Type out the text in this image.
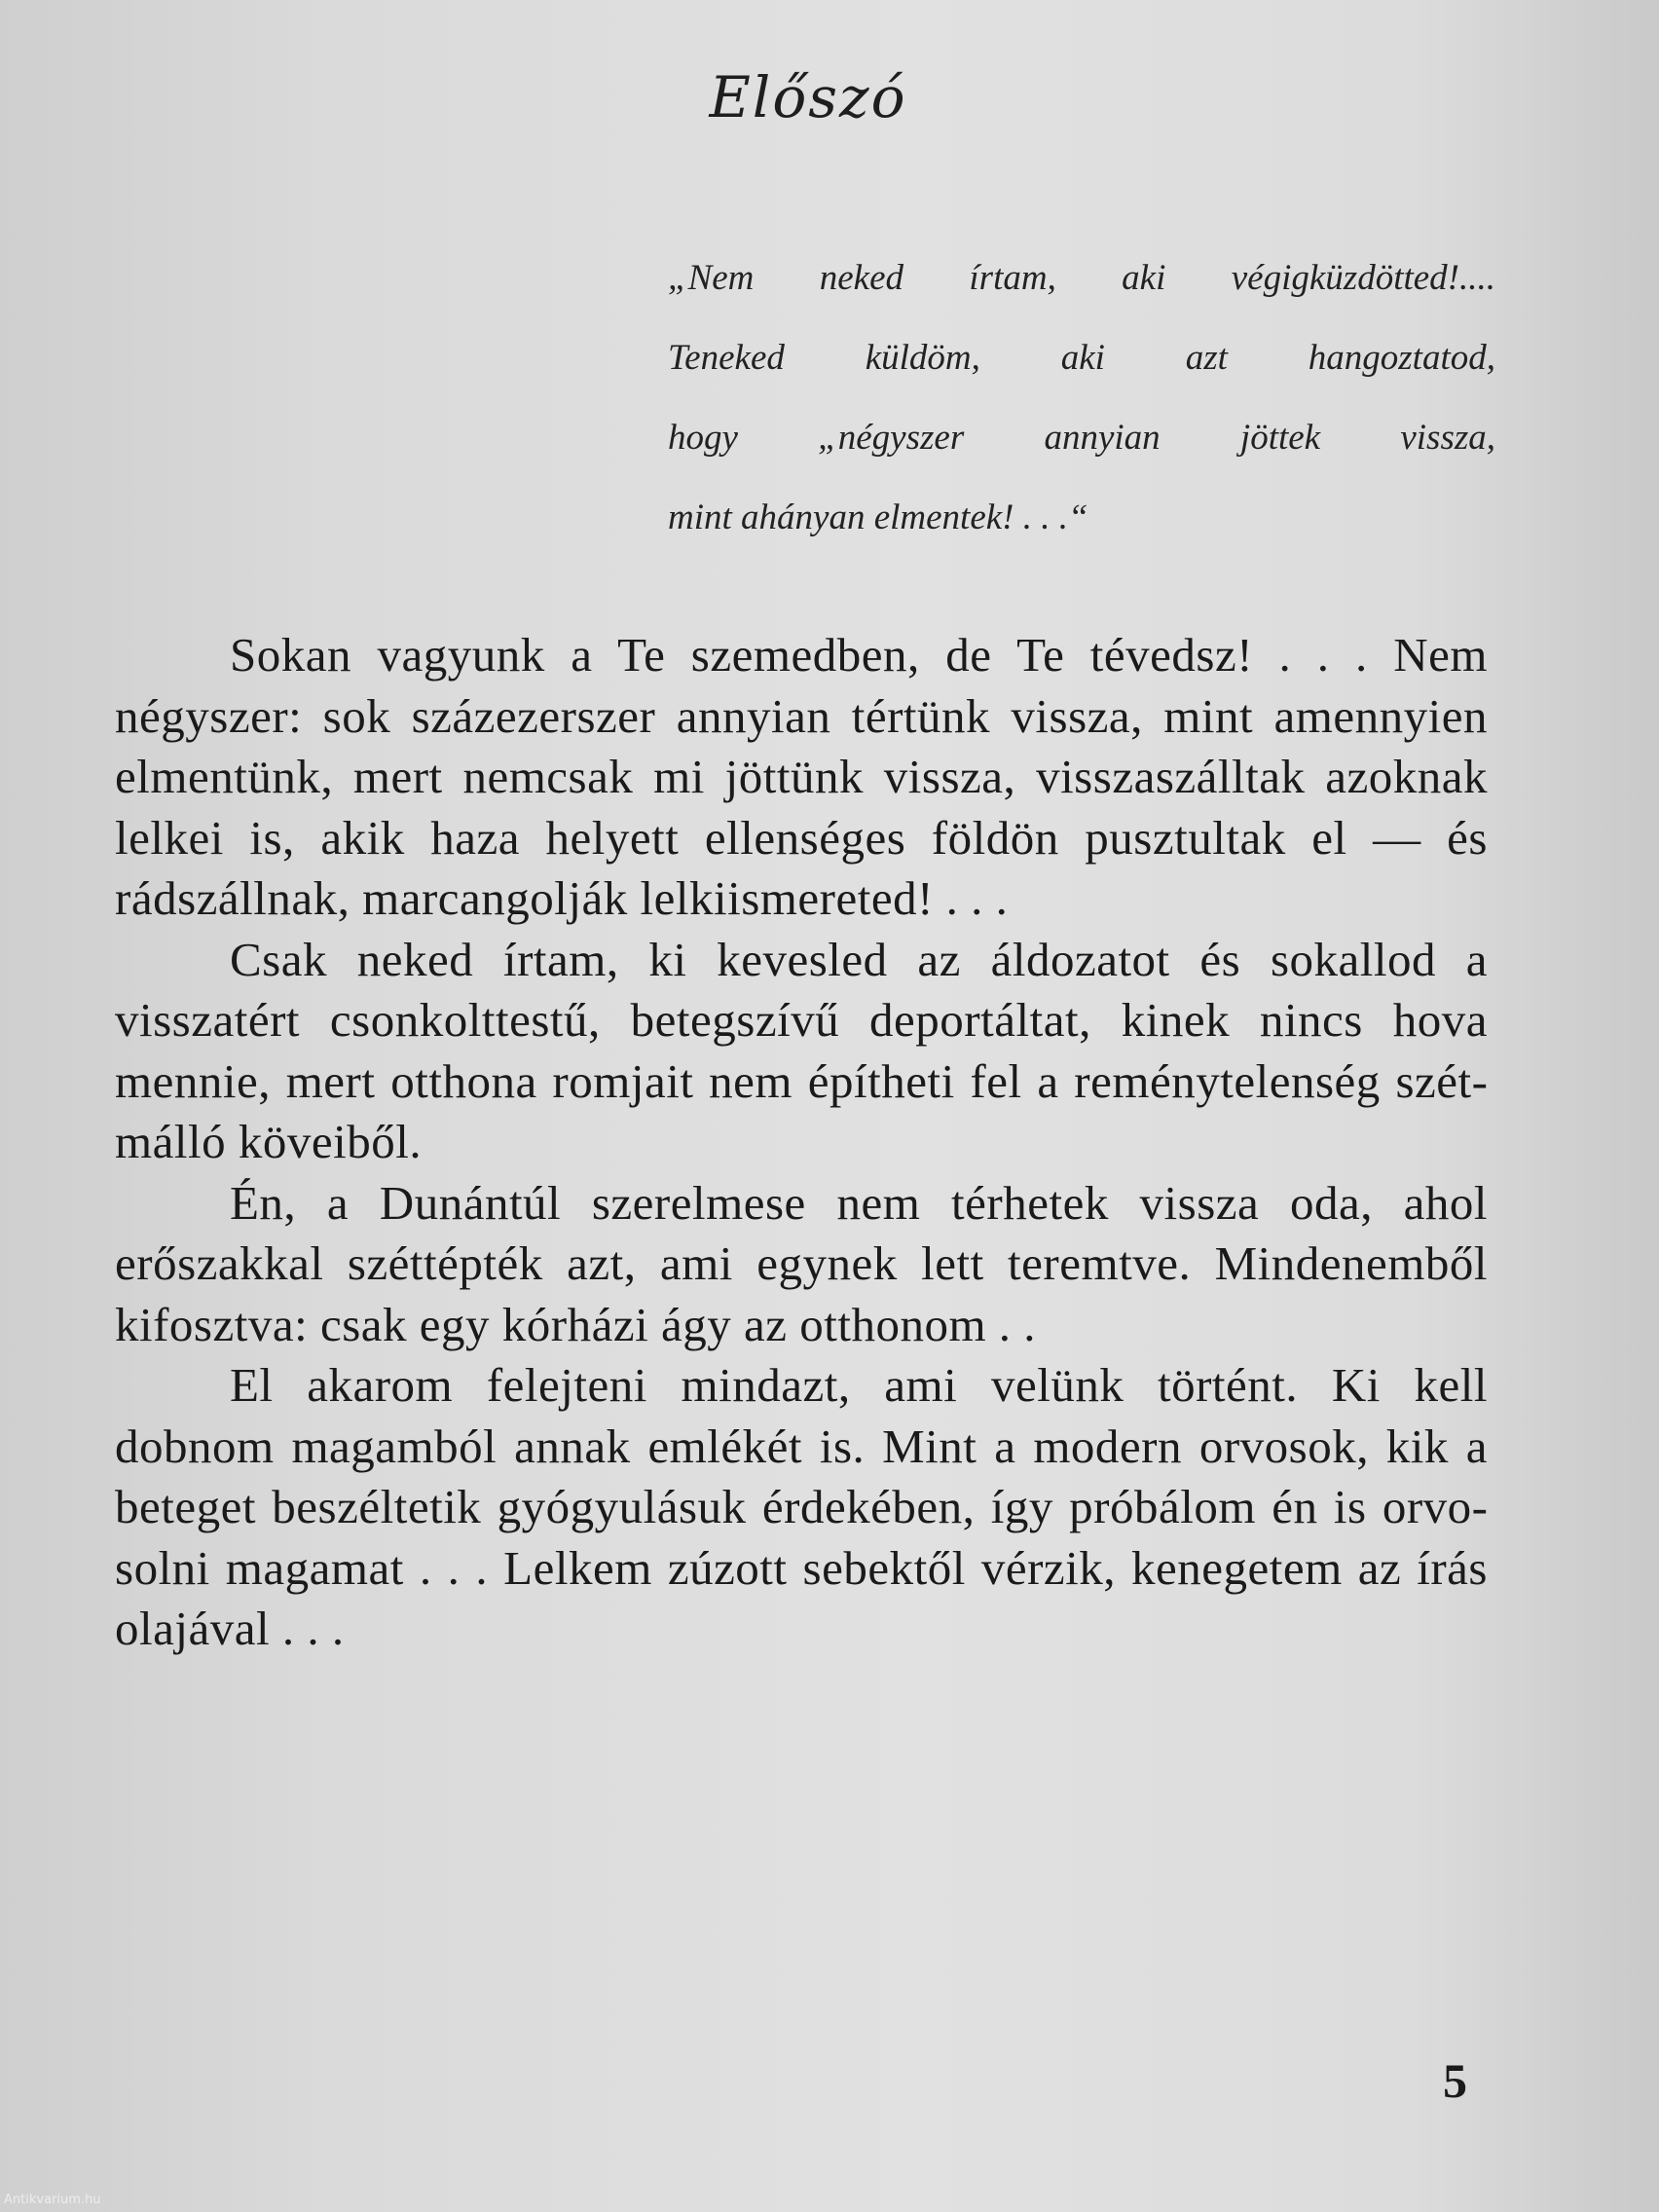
Előszó
„Nem neked írtam, aki végigküzdötted!....
Teneked küldöm, aki azt hangoztatod,
hogy „négyszer annyian jöttek vissza,
mint ahányan elmentek! . . .“

Sokan vagyunk a Te szemedben, de Te tévedsz! . . . Nem négyszer: sok százezerszer annyian tértünk vissza, mint amennyien elmentünk, mert nemcsak mi jöttünk vissza, visszaszálltak azoknak lelkei is, akik haza helyett ellenséges földön pusztultak el — és rádszállnak, marcangolják lelkiismereted! . . .

Csak neked írtam, ki kevesled az áldozatot és sokallod a visszatért csonkolttestű, betegszívű deportáltat, kinek nincs hova mennie, mert otthona romjait nem építheti fel a reménytelenség szétmálló köveiből.

Én, a Dunántúl szerelmese nem térhetek vissza oda, ahol erőszakkal széttépték azt, ami egynek lett teremtve. Mindenemből kifosztva: csak egy kórházi ágy az otthonom . .

El akarom felejteni mindazt, ami velünk történt. Ki kell dobnom magamból annak emlékét is. Mint a modern orvosok, kik a beteget beszéltetik gyógyulásuk érdekében, így próbálom én is orvosolni magamat . . . Lelkem zúzott sebektől vérzik, kenegetem az írás olajával . . .

5
Antikvarium.hu
